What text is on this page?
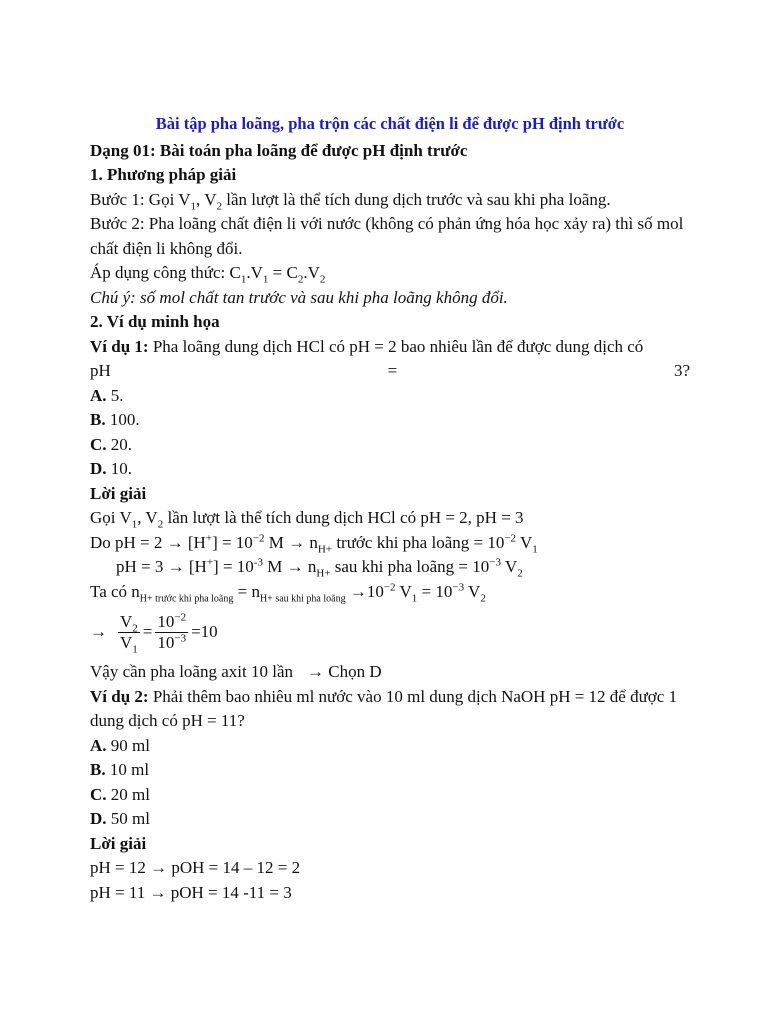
Bài tập pha loãng, pha trộn các chất điện li để được pH định trước
Dạng 01: Bài toán pha loãng để được pH định trước
1. Phương pháp giải
Bước 1: Gọi $V_1$, $V_2$ lần lượt là thể tích dung dịch trước và sau khi pha loãng.
Bước 2: Pha loãng chất điện li với nước (không có phản ứng hóa học xảy ra) thì số mol chất điện li không đổi.
Áp dụng công thức: $C_1.V_1 = C_2.V_2$
Chú ý: số mol chất tan trước và sau khi pha loãng không đổi.
2. Ví dụ minh họa
Ví dụ 1: Pha loãng dung dịch HCl có pH = 2 bao nhiêu lần để được dung dịch có
pH	=	3?
A. 5.
B. 100.
C. 20.
D. 10.
Lời giải
Gọi $V_1$, $V_2$ lần lượt là thể tích dung dịch HCl có pH = 2, pH = 3
Do pH = $2 \to [H^+] = 10^{-2}$ $M \to n_{H+}$ trước khi pha loãng = $10^{-2}$ $V_1$
pH = $3 \to [H^+] = 10^{-3}$ $M \to n_{H+}$ sau khi pha loãng = $10^{-3}$ $V_2$
Ta có $n_{H+ trước khi pha loãng} = n_{H+ sau khi pha loãng} \to 10^{-2}$ $V_1 = 10^{-3}$ $V_2$
→ $\frac{V_2}{V_1} = \frac{10^{-2}}{10^{-3}} =10$
Vậy cần pha loãng axit 10 lần → Chọn D
Ví dụ 2: Phải thêm bao nhiêu ml nước vào 10 ml dung dịch NaOH pH = 12 để được 1 dung dịch có pH = 11?
A. 90 ml
B. 10 ml
C. 20 ml
D. 50 ml
Lời giải
pH = 12 → pOH = 14 – 12 = 2
pH = 11 → pOH = 14 -11 = 3
